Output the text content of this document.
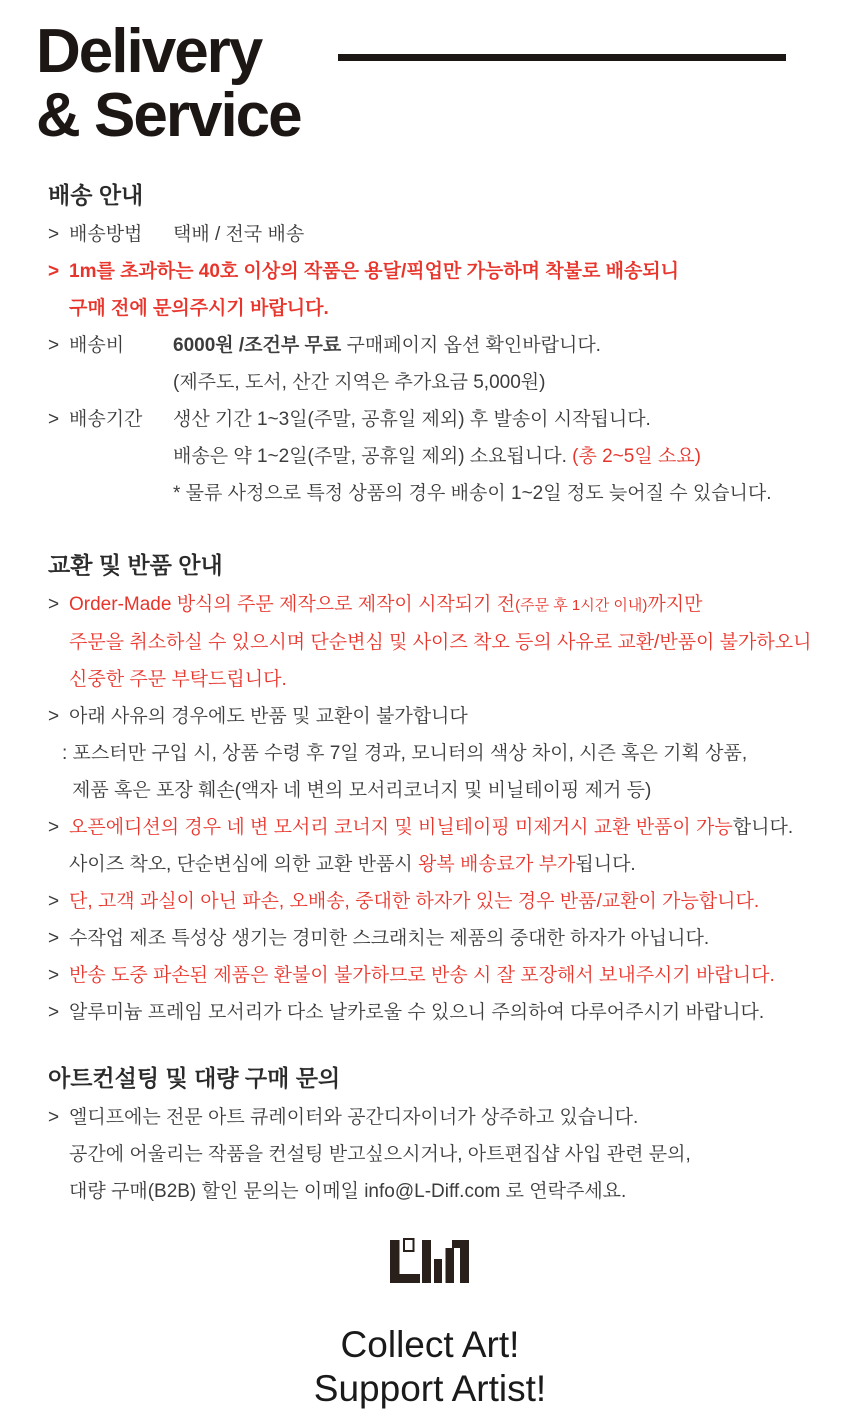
Delivery
& Service
배송 안내
> 배송방법 택배 / 전국 배송
> 1m를 초과하는 40호 이상의 작품은 용달/픽업만 가능하며 착불로 배송되니
구매 전에 문의주시기 바랍니다.
> 배송비	6000원 /조건부 무료 구매페이지 옵션 확인바랍니다.
(제주도, 도서, 산간 지역은 추가요금 5,000원)
> 배송기간 생산 기간 1~3일(주말, 공휴일 제외) 후 발송이 시작됩니다.
배송은 약 1~2일(주말, 공휴일 제외) 소요됩니다. (총 2~5일 소요)
* 물류 사정으로 특정 상품의 경우 배송이 1~2일 정도 늦어질 수 있습니다.
교환 및 반품 안내
> Order-Made 방식의 주문 제작으로 제작이 시작되기 전(주문 후 1시간 이내)까지만
주문을 취소하실 수 있으시며 단순변심 및 사이즈 착오 등의 사유로 교환/반품이 불가하오니
신중한 주문 부탁드립니다.
> 아래 사유의 경우에도 반품 및 교환이 불가합니다
: 포스터만 구입 시, 상품 수령 후 7일 경과, 모니터의 색상 차이, 시즌 혹은 기획 상품,
제품 혹은 포장 훼손(액자 네 변의 모서리코너지 및 비닐테이핑 제거 등)
> 오픈에디션의 경우 네 변 모서리 코너지 및 비닐테이핑 미제거시 교환 반품이 가능합니다.
사이즈 착오, 단순변심에 의한 교환 반품시 왕복 배송료가 부가됩니다.
> 단, 고객 과실이 아닌 파손, 오배송, 중대한 하자가 있는 경우 반품/교환이 가능합니다.
> 수작업 제조 특성상 생기는 경미한 스크래치는 제품의 중대한 하자가 아닙니다.
> 반송 도중 파손된 제품은 환불이 불가하므로 반송 시 잘 포장해서 보내주시기 바랍니다.
> 알루미늄 프레임 모서리가 다소 날카로울 수 있으니 주의하여 다루어주시기 바랍니다.
아트컨설팅 및 대량 구매 문의
> 엘디프에는 전문 아트 큐레이터와 공간디자이너가 상주하고 있습니다.
공간에 어울리는 작품을 컨설팅 받고싶으시거나, 아트편집샵 사입 관련 문의,
대량 구매(B2B) 할인 문의는 이메일 info@L-Diff.com 로 연락주세요.
Collect Art!
Support Artist!
